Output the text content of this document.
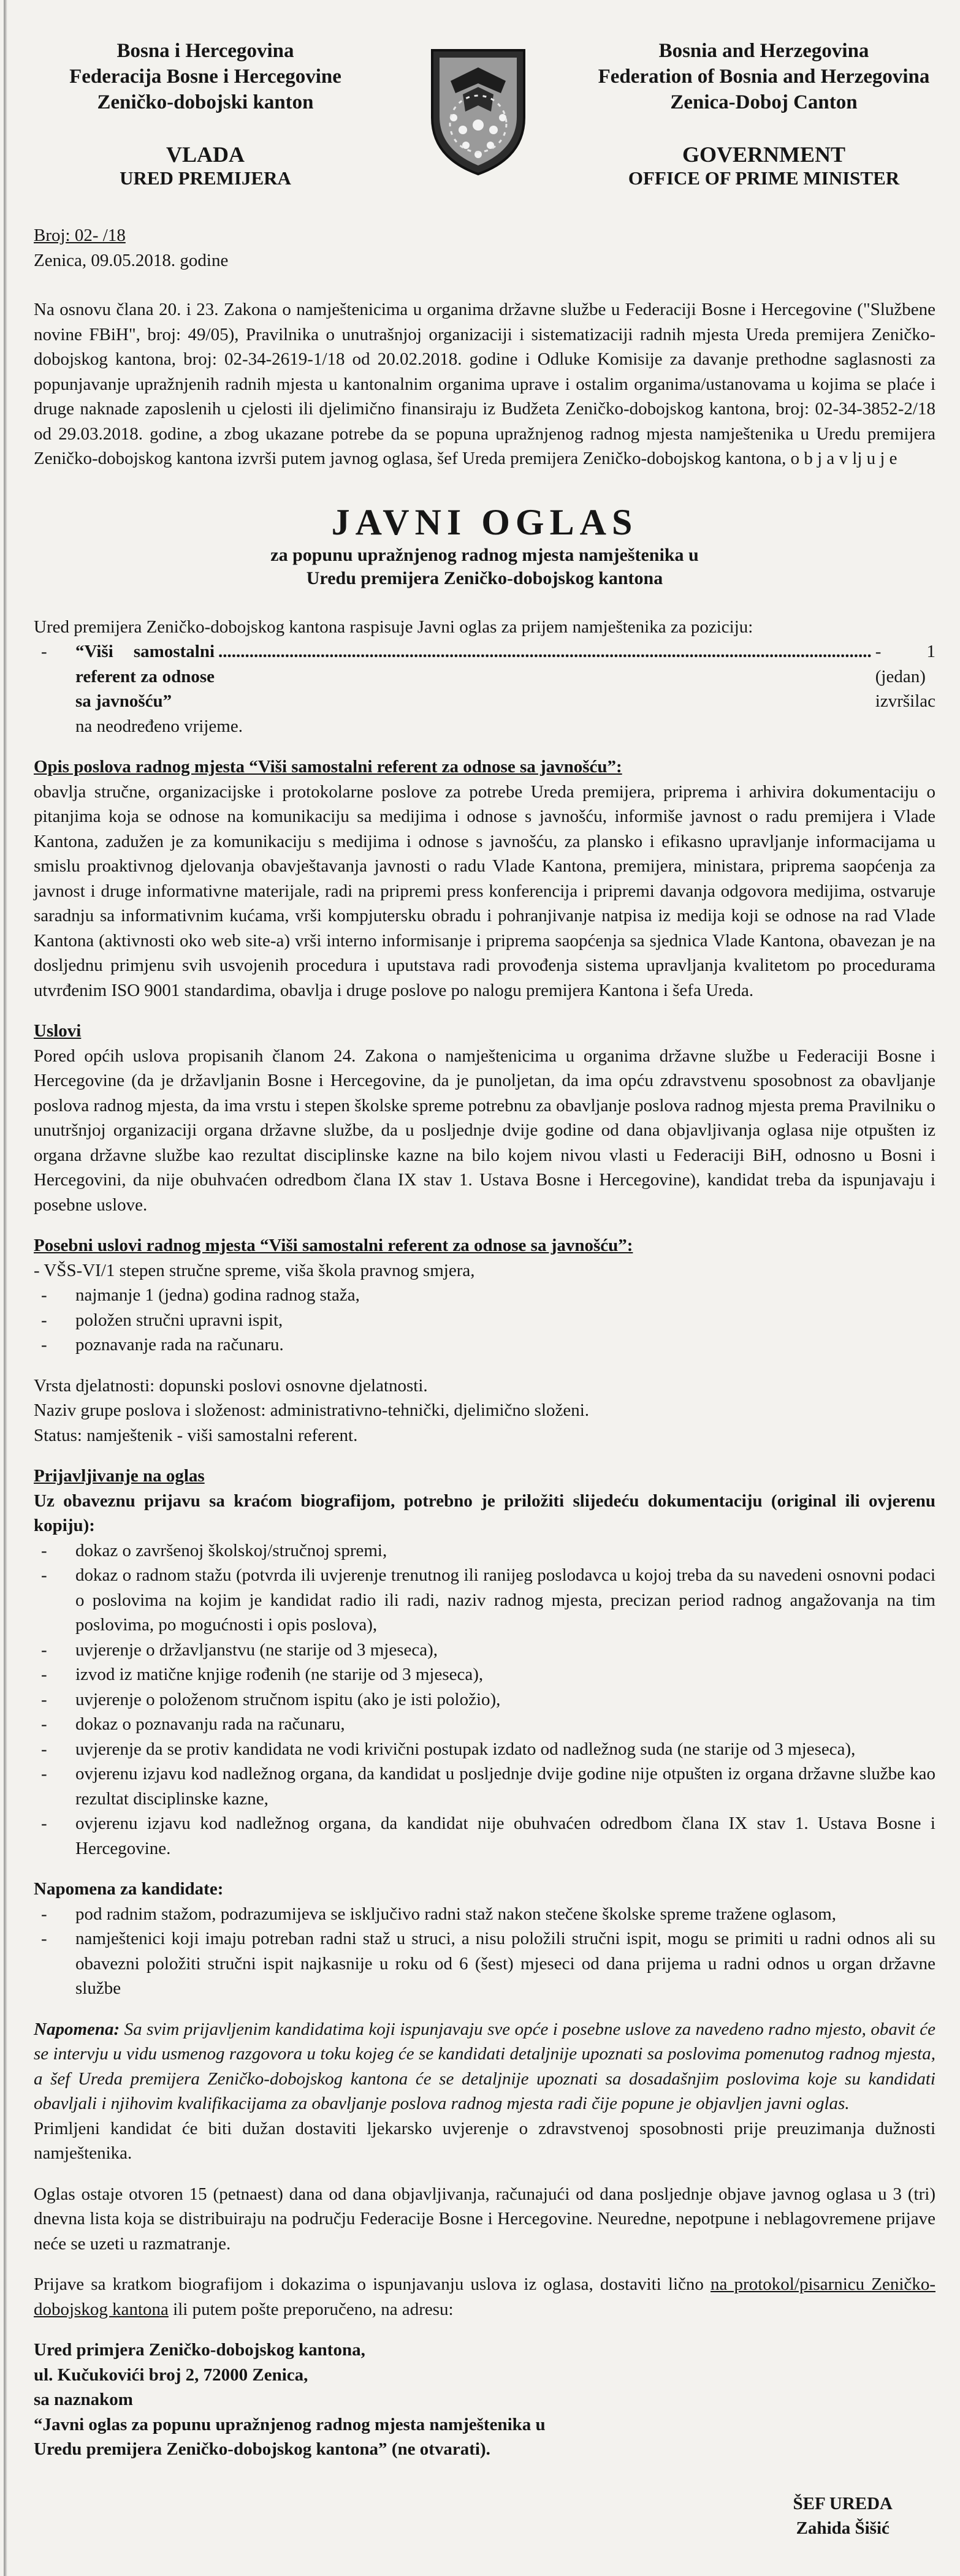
Bosna i Hercegovina
Federacija Bosne i Hercegovine
Zeničko-dobojski kanton
VLADA
URED PREMIJERA
Bosnia and Herzegovina
Federation of Bosnia and Herzegovina
Zenica-Doboj Canton
GOVERNMENT
OFFICE OF PRIME MINISTER

Broj: 02- /18

Zenica, 09.05.2018. godine

Na osnovu člana 20. i 23. Zakona o namještenicima u organima državne službe u Federaciji Bosne i Hercegovine ("Službene novine FBiH", broj: 49/05), Pravilnika o unutrašnjoj organizaciji i sistematizaciji radnih mjesta Ureda premijera Zeničko-dobojskog kantona, broj: 02-34-2619-1/18 od 20.02.2018. godine i Odluke Komisije za davanje prethodne saglasnosti za popunjavanje upražnjenih radnih mjesta u kantonalnim organima uprave i ostalim organima/ustanovama u kojima se plaće i druge naknade zaposlenih u cjelosti ili djelimično finansiraju iz Budžeta Zeničko-dobojskog kantona, broj: 02-34-3852-2/18 od 29.03.2018. godine, a zbog ukazane potrebe da se popuna upražnjenog radnog mjesta namještenika u Uredu premijera Zeničko-dobojskog kantona izvrši putem javnog oglasa, šef Ureda premijera Zeničko-dobojskog kantona, o b j a v lj u j e

JAVNI OGLAS
za popunu upražnjenog radnog mjesta namještenika u
Uredu premijera Zeničko-dobojskog kantona

Ured premijera Zeničko-dobojskog kantona raspisuje Javni oglas za prijem namještenika za poziciju:

- “Viši samostalni referent za odnose sa javnošću”
................................................................................................................................................... - 1 (jedan) izvršilac

na neodređeno vrijeme.

Opis poslova radnog mjesta “Viši samostalni referent za odnose sa javnošću”:

obavlja stručne, organizacijske i protokolarne poslove za potrebe Ureda premijera, priprema i arhivira dokumentaciju o pitanjima koja se odnose na komunikaciju sa medijima i odnose s javnošću, informiše javnost o radu premijera i Vlade Kantona, zadužen je za komunikaciju s medijima i odnose s javnošću, za plansko i efikasno upravljanje informacijama u smislu proaktivnog djelovanja obavještavanja javnosti o radu Vlade Kantona, premijera, ministara, priprema saopćenja za javnost i druge informativne materijale, radi na pripremi press konferencija i pripremi davanja odgovora medijima, ostvaruje saradnju sa informativnim kućama, vrši kompjutersku obradu i pohranjivanje natpisa iz medija koji se odnose na rad Vlade Kantona (aktivnosti oko web site-a) vrši interno informisanje i priprema saopćenja sa sjednica Vlade Kantona, obavezan je na dosljednu primjenu svih usvojenih procedura i uputstava radi provođenja sistema upravljanja kvalitetom po procedurama utvrđenim ISO 9001 standardima, obavlja i druge poslove po nalogu premijera Kantona i šefa Ureda.

Uslovi

Pored općih uslova propisanih članom 24. Zakona o namještenicima u organima državne službe u Federaciji Bosne i Hercegovine (da je državljanin Bosne i Hercegovine, da je punoljetan, da ima opću zdravstvenu sposobnost za obavljanje poslova radnog mjesta, da ima vrstu i stepen školske spreme potrebnu za obavljanje poslova radnog mjesta prema Pravilniku o unutršnjoj organizaciji organa državne službe, da u posljednje dvije godine od dana objavljivanja oglasa nije otpušten iz organa državne službe kao rezultat disciplinske kazne na bilo kojem nivou vlasti u Federaciji BiH, odnosno u Bosni i Hercegovini, da nije obuhvaćen odredbom člana IX stav 1. Ustava Bosne i Hercegovine), kandidat treba da ispunjavaju i posebne uslove.

Posebni uslovi radnog mjesta “Viši samostalni referent za odnose sa javnošću”:

- VŠS-VI/1 stepen stručne spreme, viša škola pravnog smjera,

- najmanje 1 (jedna) godina radnog staža,
- položen stručni upravni ispit,
- poznavanje rada na računaru.

Vrsta djelatnosti: dopunski poslovi osnovne djelatnosti.

Naziv grupe poslova i složenost: administrativno-tehnički, djelimično složeni.

Status: namještenik - viši samostalni referent.

Prijavljivanje na oglas

Uz obaveznu prijavu sa kraćom biografijom, potrebno je priložiti slijedeću dokumentaciju (original ili ovjerenu kopiju):

- dokaz o završenoj školskoj/stručnoj spremi,
- dokaz o radnom stažu (potvrda ili uvjerenje trenutnog ili ranijeg poslodavca u kojoj treba da su navedeni osnovni podaci o poslovima na kojim je kandidat radio ili radi, naziv radnog mjesta, precizan period radnog angažovanja na tim poslovima, po mogućnosti i opis poslova),
- uvjerenje o državljanstvu (ne starije od 3 mjeseca),
- izvod iz matične knjige rođenih (ne starije od 3 mjeseca),
- uvjerenje o položenom stručnom ispitu (ako je isti položio),
- dokaz o poznavanju rada na računaru,
- uvjerenje da se protiv kandidata ne vodi krivični postupak izdato od nadležnog suda (ne starije od 3 mjeseca),
- ovjerenu izjavu kod nadležnog organa, da kandidat u posljednje dvije godine nije otpušten iz organa državne službe kao rezultat disciplinske kazne,
- ovjerenu izjavu kod nadležnog organa, da kandidat nije obuhvaćen odredbom člana IX stav 1. Ustava Bosne i Hercegovine.

Napomena za kandidate:

- pod radnim stažom, podrazumijeva se isključivo radni staž nakon stečene školske spreme tražene oglasom,
- namještenici koji imaju potreban radni staž u struci, a nisu položili stručni ispit, mogu se primiti u radni odnos ali su obavezni položiti stručni ispit najkasnije u roku od 6 (šest) mjeseci od dana prijema u radni odnos u organ državne službe

Napomena: Sa svim prijavljenim kandidatima koji ispunjavaju sve opće i posebne uslove za navedeno radno mjesto, obavit će se intervju u vidu usmenog razgovora u toku kojeg će se kandidati detaljnije upoznati sa poslovima pomenutog radnog mjesta, a šef Ureda premijera Zeničko-dobojskog kantona će se detaljnije upoznati sa dosadašnjim poslovima koje su kandidati obavljali i njihovim kvalifikacijama za obavljanje poslova radnog mjesta radi čije popune je objavljen javni oglas.

Primljeni kandidat će biti dužan dostaviti ljekarsko uvjerenje o zdravstvenoj sposobnosti prije preuzimanja dužnosti namještenika.

Oglas ostaje otvoren 15 (petnaest) dana od dana objavljivanja, računajući od dana posljednje objave javnog oglasa u 3 (tri) dnevna lista koja se distribuiraju na području Federacije Bosne i Hercegovine. Neuredne, nepotpune i neblagovremene prijave neće se uzeti u razmatranje.

Prijave sa kratkom biografijom i dokazima o ispunjavanju uslova iz oglasa, dostaviti lično na protokol/pisarnicu Zeničko-dobojskog kantona ili putem pošte preporučeno, na adresu:

Ured primjera Zeničko-dobojskog kantona,

ul. Kučukovići broj 2, 72000 Zenica,

sa naznakom

“Javni oglas za popunu upražnjenog radnog mjesta namještenika u

Uredu premijera Zeničko-dobojskog kantona” (ne otvarati).

ŠEF UREDA
Zahida Šišić
